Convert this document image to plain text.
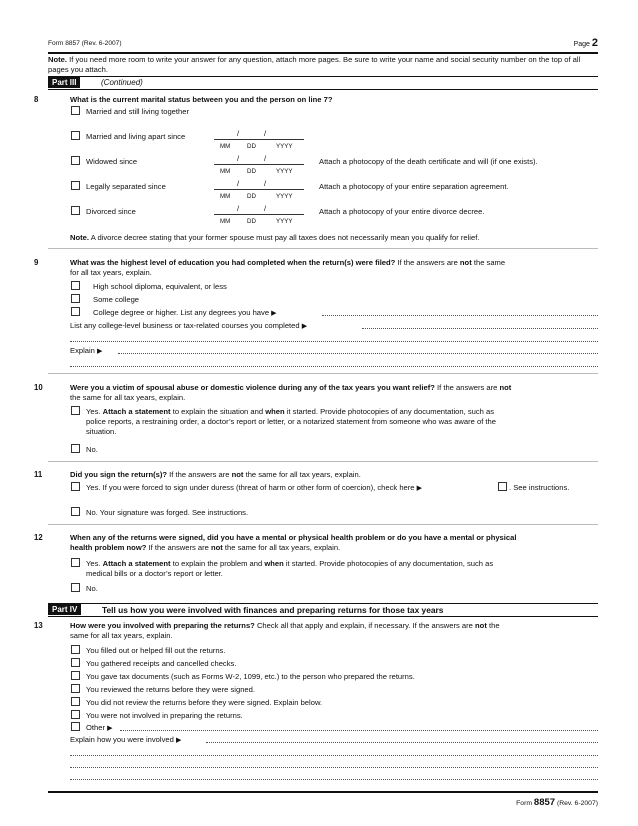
Form 8857 (Rev. 6-2007)	Page 2
Note. If you need more room to write your answer for any question, attach more pages. Be sure to write your name and social security number on the top of all pages you attach.
Part III	(Continued)
8	What is the current marital status between you and the person on line 7?
Married and still living together
Married and living apart since	/	/
MM	DD	YYYY
Widowed since	/	/
MM	DD	YYYY
Attach a photocopy of the death certificate and will (if one exists).
Legally separated since	/	/
MM	DD	YYYY
Attach a photocopy of your entire separation agreement.
Divorced since	/	/
MM	DD	YYYY
Attach a photocopy of your entire divorce decree.
Note. A divorce decree stating that your former spouse must pay all taxes does not necessarily mean you qualify for relief.
9	What was the highest level of education you had completed when the return(s) were filed? If the answers are not the same
for all tax years, explain.
High school diploma, equivalent, or less
Some college
College degree or higher. List any degrees you have ▶
List any college-level business or tax-related courses you completed ▶
Explain ▶
10	Were you a victim of spousal abuse or domestic violence during any of the tax years you want relief? If the answers are not
the same for all tax years, explain.
Yes. Attach a statement to explain the situation and when it started. Provide photocopies of any documentation, such as
police reports, a restraining order, a doctor’s report or letter, or a notarized statement from someone who was aware of the
situation.
No.
11	Did you sign the return(s)? If the answers are not the same for all tax years, explain.
Yes. If you were forced to sign under duress (threat of harm or other form of coercion), check here ▶	. See instructions.
No. Your signature was forged. See instructions.
12	When any of the returns were signed, did you have a mental or physical health problem or do you have a mental or physical
health problem now? If the answers are not the same for all tax years, explain.
Yes. Attach a statement to explain the problem and when it started. Provide photocopies of any documentation, such as
medical bills or a doctor’s report or letter.
No.
Part IV	Tell us how you were involved with finances and preparing returns for those tax years
13	How were you involved with preparing the returns? Check all that apply and explain, if necessary. If the answers are not the
same for all tax years, explain.
You filled out or helped fill out the returns.
You gathered receipts and cancelled checks.
You gave tax documents (such as Forms W-2, 1099, etc.) to the person who prepared the returns.
You reviewed the returns before they were signed.
You did not review the returns before they were signed. Explain below.
You were not involved in preparing the returns.
Other ▶
Explain how you were involved ▶
Form 8857 (Rev. 6-2007)
